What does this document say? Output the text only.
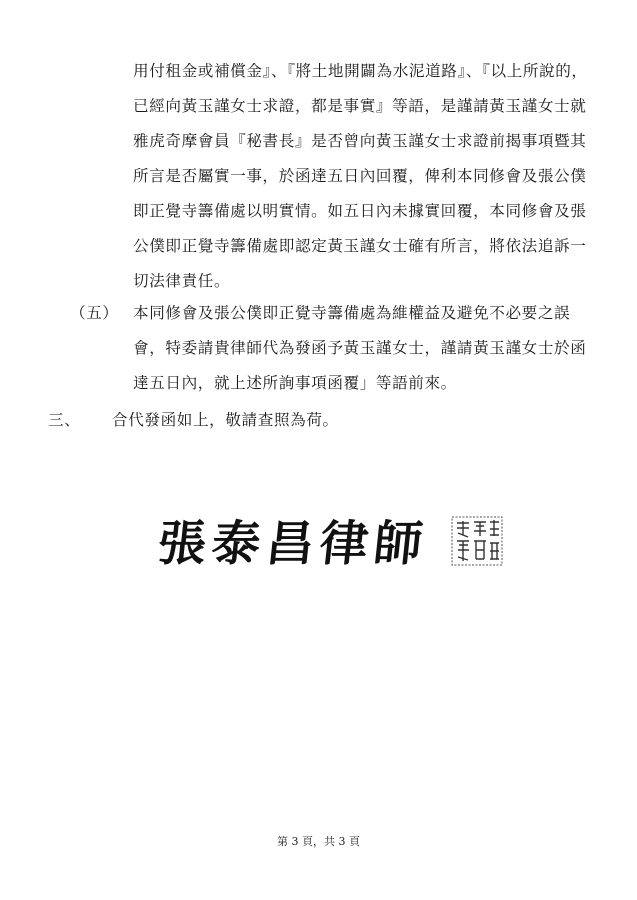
用付租金或補償金』、『將土地開闢為水泥道路』、『以上所說的，
已經向黃玉謹女士求證，都是事實』等語，是謹請黃玉謹女士就
雅虎奇摩會員『秘書長』是否曾向黃玉謹女士求證前揭事項暨其
所言是否屬實一事，於函達五日內回覆，俾利本同修會及張公僕
即正覺寺籌備處以明實情。如五日內未據實回覆，本同修會及張
公僕即正覺寺籌備處即認定黃玉謹女士確有所言，將依法追訴一
切法律責任。
（五） 本同修會及張公僕即正覺寺籌備處為維權益及避免不必要之誤
會，特委請貴律師代為發函予黃玉謹女士，謹請黃玉謹女士於函
達五日內，就上述所詢事項函覆」等語前來。
三、 合代發函如上，敬請查照為荷。
張泰昌律師
第 3 頁，共 3 頁
